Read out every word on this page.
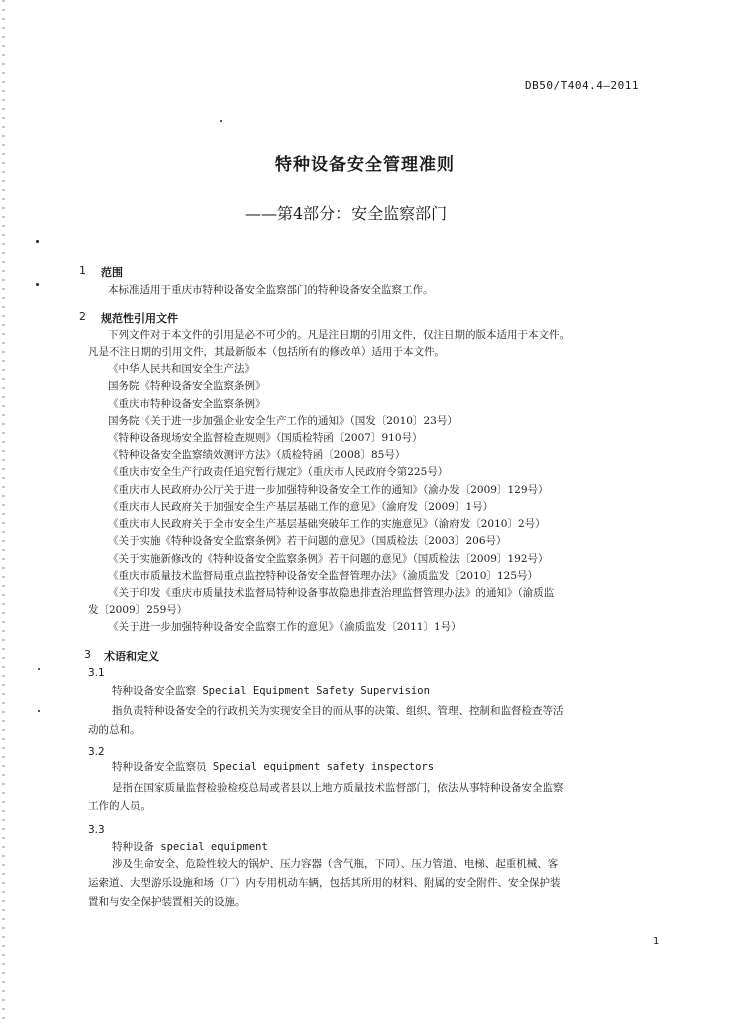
DB50/T404.4—2011
特种设备安全管理准则
——第4部分：安全监察部门
1 范围
本标准适用于重庆市特种设备安全监察部门的特种设备安全监察工作。
2 规范性引用文件
下列文件对于本文件的引用是必不可少的。凡是注日期的引用文件，仅注日期的版本适用于本文件。
凡是不注日期的引用文件，其最新版本（包括所有的修改单）适用于本文件。
《中华人民共和国安全生产法》
国务院《特种设备安全监察条例》
《重庆市特种设备安全监察条例》
国务院《关于进一步加强企业安全生产工作的通知》（国发〔2010〕23号）
《特种设备现场安全监督检查规则》（国质检特函〔2007〕910号）
《特种设备安全监察绩效测评方法》（质检特函〔2008〕85号）
《重庆市安全生产行政责任追究暂行规定》（重庆市人民政府令第225号）
《重庆市人民政府办公厅关于进一步加强特种设备安全工作的通知》（渝办发〔2009〕129号）
《重庆市人民政府关于加强安全生产基层基础工作的意见》（渝府发〔2009〕1号）
《重庆市人民政府关于全市安全生产基层基础突破年工作的实施意见》（渝府发〔2010〕2号）
《关于实施《特种设备安全监察条例》若干问题的意见》（国质检法〔2003〕206号）
《关于实施新修改的《特种设备安全监察条例》若干问题的意见》（国质检法〔2009〕192号）
《重庆市质量技术监督局重点监控特种设备安全监督管理办法》（渝质监发〔2010〕125号）
《关于印发《重庆市质量技术监督局特种设备事故隐患排查治理监督管理办法》的通知》（渝质监
发〔2009〕259号）
《关于进一步加强特种设备安全监察工作的意见》（渝质监发〔2011〕1号）
3 术语和定义
3.1
特种设备安全监察 Special Equipment Safety Supervision
指负责特种设备安全的行政机关为实现安全目的而从事的决策、组织、管理、控制和监督检查等活
动的总和。
3.2
特种设备安全监察员 Special equipment safety inspectors
是指在国家质量监督检验检疫总局或者县以上地方质量技术监督部门，依法从事特种设备安全监察
工作的人员。
3.3
特种设备 special equipment
涉及生命安全、危险性较大的锅炉、压力容器（含气瓶，下同）、压力管道、电梯、起重机械、客
运索道、大型游乐设施和场（厂）内专用机动车辆，包括其所用的材料、附属的安全附件、安全保护装
置和与安全保护装置相关的设施。
1
